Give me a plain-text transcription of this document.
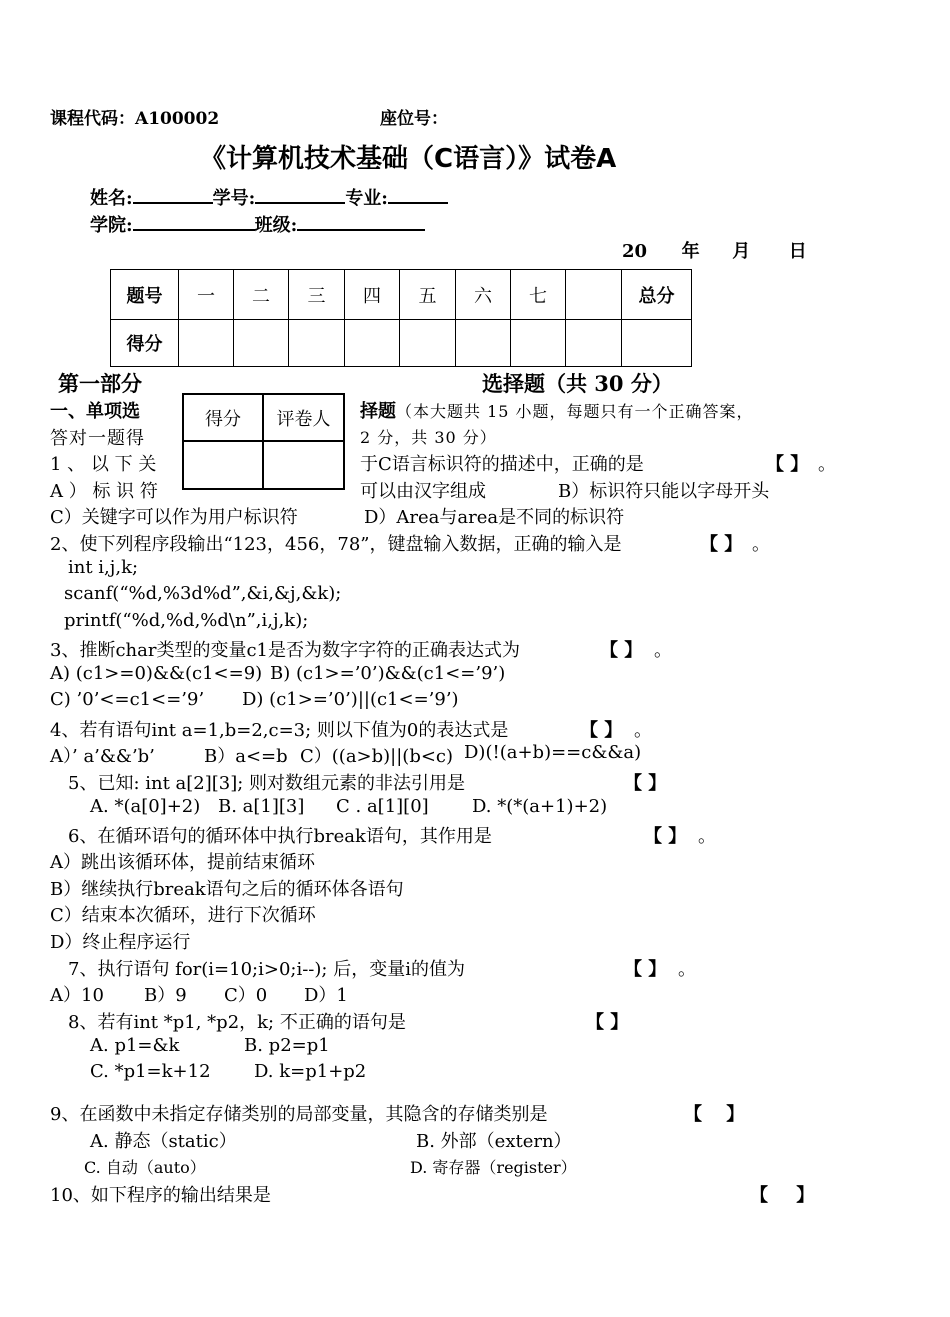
课程代码：A100002	座位号：
《计算机技术基础（C语言）》试卷A
姓名:	学号:	专业:
学院:	班级:
20 年 月 日
题号	一	二	三	四	五	六	七		总分
得分									
第一部分	选择题（共 30 分）
得分	评卷人

一、单项选	择题（本大题共 15 小题，每题只有一个正确答案，
答对一题得	2 分，共 30 分）
1 、 以 下 关	于C语言标识符的描述中，正确的是	【 】 。
A ） 标 识 符	可以由汉字组成	B）标识符只能以字母开头
C）关键字可以作为用户标识符	D）Area与area是不同的标识符
2、使下列程序段输出“123，456，78”，键盘输入数据，正确的输入是	【 】 。
int i,j,k;
scanf(“%d,%3d%d”,&i,&j,&k);
printf(“%d,%d,%d\n”,i,j,k);
3、推断char类型的变量c1是否为数字字符的正确表达式为	【 】 。
A) (c1>=0)&&(c1<=9) B) (c1>=’0’)&&(c1<=’9’)
C) ’0’<=c1<=’9’ D) (c1>=’0’)||(c1<=’9’)
4、若有语句int a=1,b=2,c=3; 则以下值为0的表达式是	【 】 。
A）’ a’&&’b’	B）a<=b C）((a>b)||(b<c) D)(!(a+b)==c&&a)
5、已知: int a[2][3]; 则对数组元素的非法引用是	【 】
A. *(a[0]+2) B. a[1][3] C . a[1][0] D. *(*(a+1)+2)
6、在循环语句的循环体中执行break语句，其作用是	【 】 。
A）跳出该循环体，提前结束循环
B）继续执行break语句之后的循环体各语句
C）结束本次循环，进行下次循环
D）终止程序运行
7、执行语句 for(i=10;i>0;i--); 后，变量i的值为	【 】 。
A）10 B）9 C）0 D）1
8、若有int *p1, *p2，k; 不正确的语句是	【 】
A. p1=&k	B. p2=p1
C. *p1=k+12 D. k=p1+p2
9、在函数中未指定存储类别的局部变量，其隐含的存储类别是	【 】
A. 静态（static）	B. 外部（extern）
C. 自动（auto）	D. 寄存器（register）
10、如下程序的输出结果是	【 】
